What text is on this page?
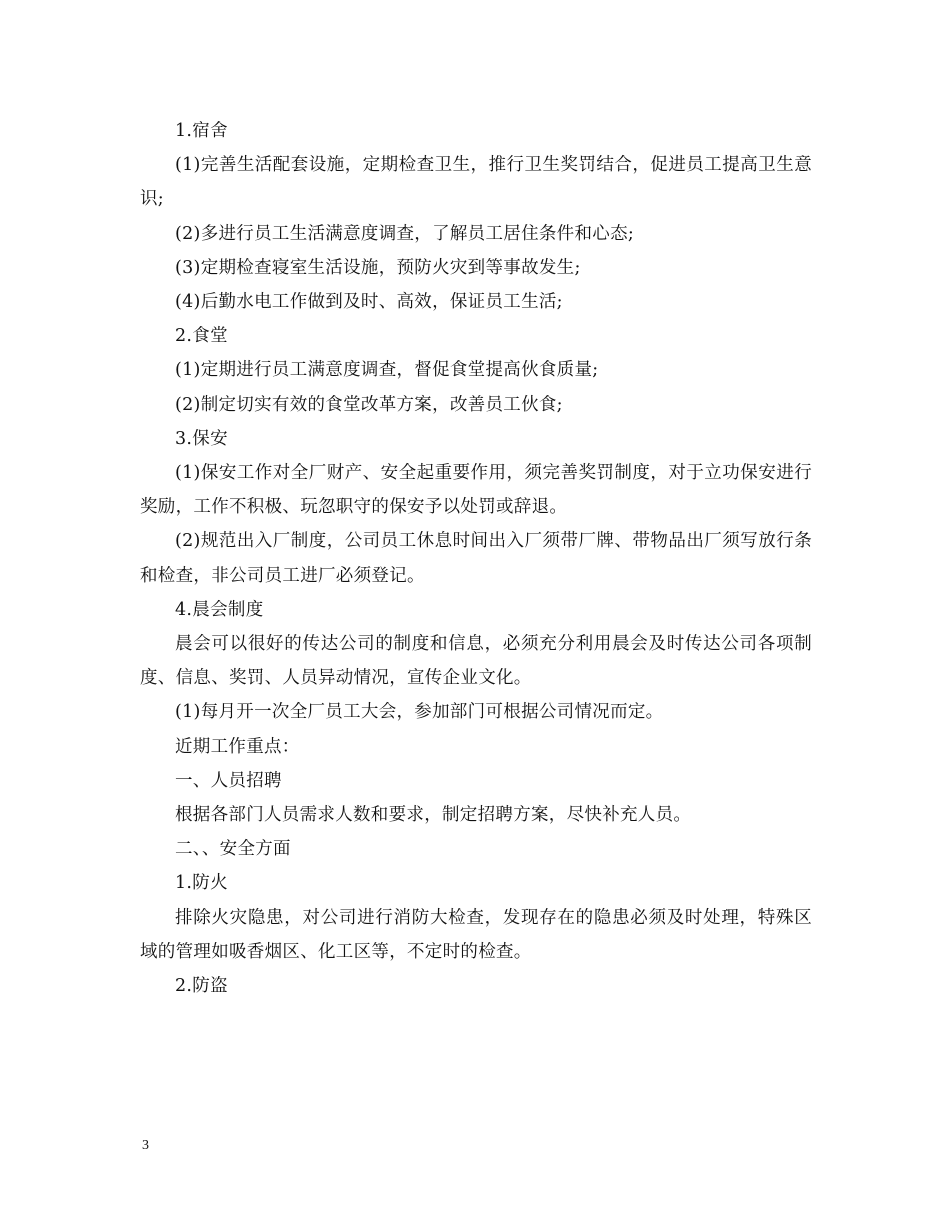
1.宿舍

(1)完善生活配套设施，定期检查卫生，推行卫生奖罚结合，促进员工提高卫生意识;

(2)多进行员工生活满意度调查，了解员工居住条件和心态;

(3)定期检查寝室生活设施，预防火灾到等事故发生;

(4)后勤水电工作做到及时、高效，保证员工生活;

2.食堂

(1)定期进行员工满意度调查，督促食堂提高伙食质量;

(2)制定切实有效的食堂改革方案，改善员工伙食;

3.保安

(1)保安工作对全厂财产、安全起重要作用，须完善奖罚制度，对于立功保安进行奖励，工作不积极、玩忽职守的保安予以处罚或辞退。

(2)规范出入厂制度，公司员工休息时间出入厂须带厂牌、带物品出厂须写放行条和检查，非公司员工进厂必须登记。

4.晨会制度

晨会可以很好的传达公司的制度和信息，必须充分利用晨会及时传达公司各项制度、信息、奖罚、人员异动情况，宣传企业文化。

(1)每月开一次全厂员工大会，参加部门可根据公司情况而定。

近期工作重点：

一、人员招聘

根据各部门人员需求人数和要求，制定招聘方案，尽快补充人员。

二、、安全方面

1.防火

排除火灾隐患，对公司进行消防大检查，发现存在的隐患必须及时处理，特殊区域的管理如吸香烟区、化工区等，不定时的检查。

2.防盗

3
